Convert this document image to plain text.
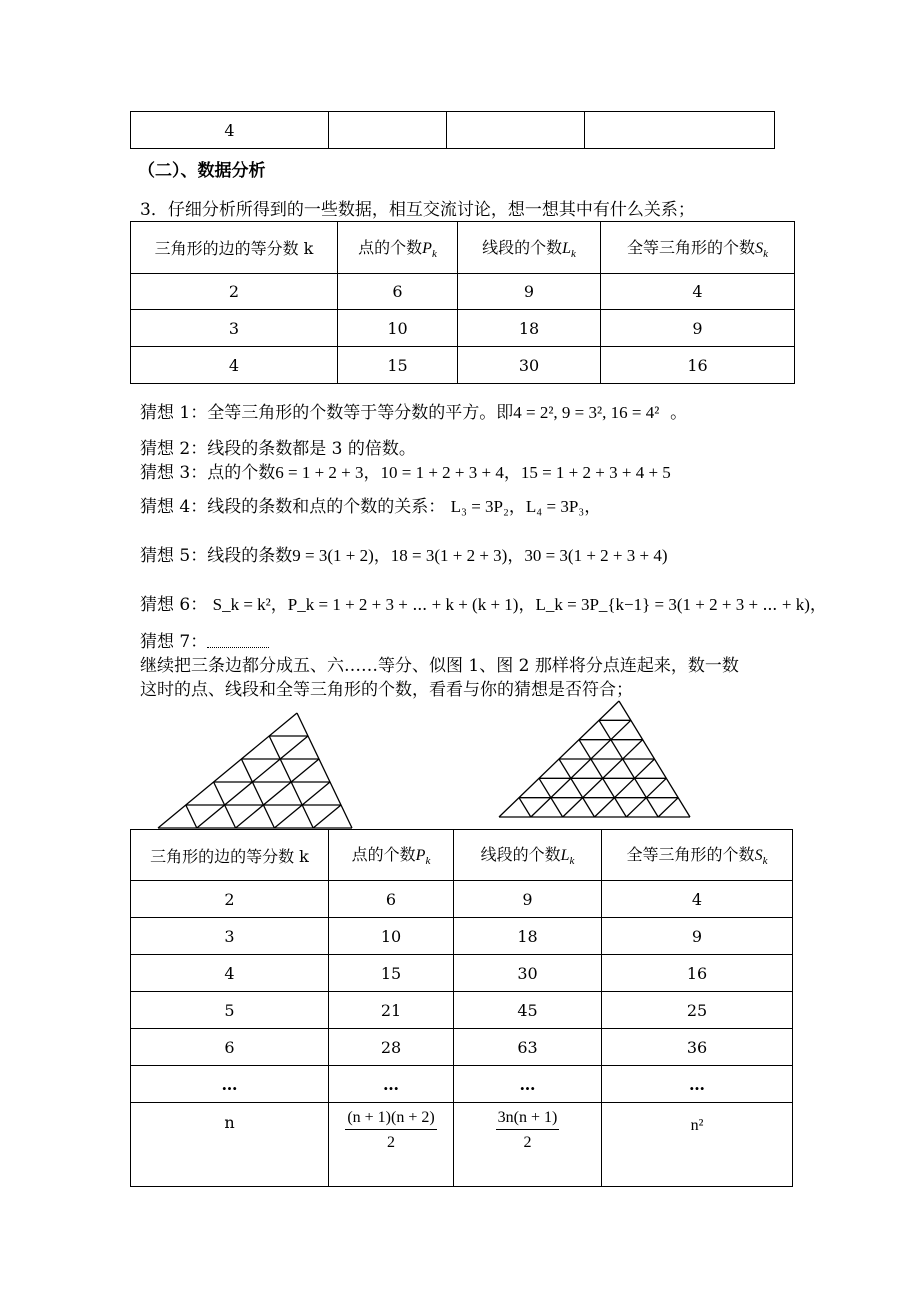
4			
（二）、数据分析
3．仔细分析所得到的一些数据，相互交流讨论，想一想其中有什么关系；
三角形的边的等分数 k	点的个数$P_k$	线段的个数$L_k$	全等三角形的个数$S_k$
2	6	9	4
3	10	18	9
4	15	30	16
猜想 1：全等三角形的个数等于等分数的平方。即4 = 2², 9 = 3², 16 = 4² 。
猜想 2：线段的条数都是 3 的倍数。
猜想 3：点的个数6 = 1 + 2 + 3，10 = 1 + 2 + 3 + 4，15 = 1 + 2 + 3 + 4 + 5
猜想 4：线段的条数和点的个数的关系： L₃ = 3P₂，L₄ = 3P₃，
猜想 5：线段的条数9 = 3(1 + 2)，18 = 3(1 + 2 + 3)，30 = 3(1 + 2 + 3 + 4)
猜想 6： S_k = k²，P_k = 1 + 2 + 3 + ⋯ + k + (k + 1)，L_k = 3P_{k−1} = 3(1 + 2 + 3 + ⋯ + k)，
猜想 7：
继续把三条边都分成五、六……等分、似图 1、图 2 那样将分点连起来，数一数
这时的点、线段和全等三角形的个数，看看与你的猜想是否符合；
三角形的边的等分数 k	点的个数$P_k$	线段的个数$L_k$	全等三角形的个数$S_k$
2	6	9	4
3	10	18	9
4	15	30	16
5	21	45	25
6	28	63	36
…	…	…	…
n	$\frac{(n + 1)(n + 2)}{2}$	$\frac{3n(n + 1)}{2}$	n²
